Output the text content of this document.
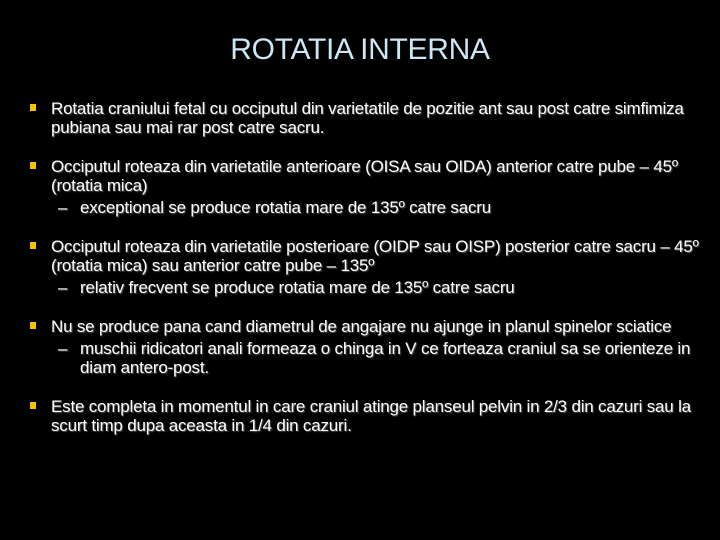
ROTATIA INTERNA
Rotatia craniului fetal cu occiputul din varietatile de pozitie ant sau post catre simfimiza pubiana sau mai rar post catre sacru.
Occiputul roteaza din varietatile anterioare (OISA sau OIDA) anterior catre pube – 45º (rotatia mica)
– exceptional se produce rotatia mare de 135º catre sacru
Occiputul roteaza din varietatile posterioare (OIDP sau OISP) posterior catre sacru – 45º (rotatia mica) sau anterior catre pube – 135º
– relativ frecvent se produce rotatia mare de 135º catre sacru
Nu se produce pana cand diametrul de angajare nu ajunge in planul spinelor sciatice
– muschii ridicatori anali formeaza o chinga in V ce forteaza craniul sa se orienteze in diam antero-post.
Este completa in momentul in care craniul atinge planseul pelvin in 2/3 din cazuri sau la scurt timp dupa aceasta in 1/4 din cazuri.
